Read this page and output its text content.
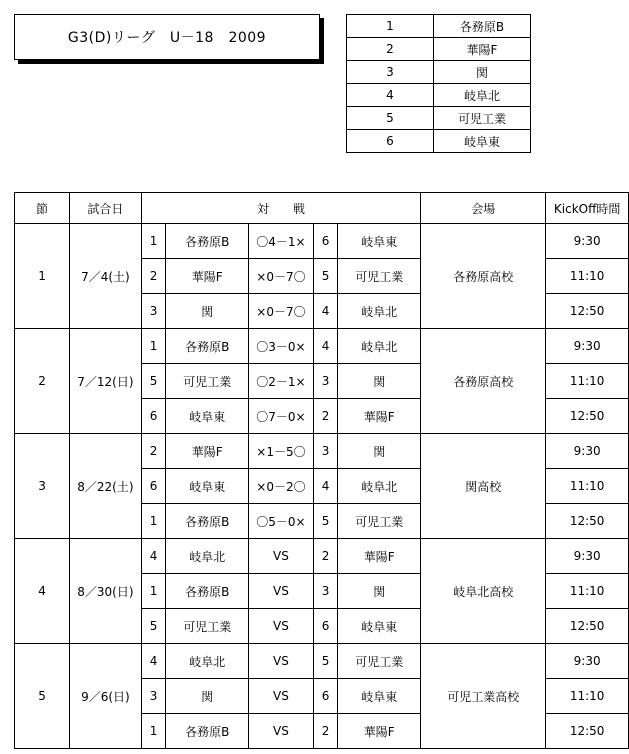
G3(D)リーグ　U－18　2009
1	各務原B
2	華陽F
3	関
4	岐阜北
5	可児工業
6	岐阜東
節	試合日	対　　戦					会場	KickOff時間
1	7／4(土)	1	各務原B	〇4－1×	6	岐阜東	各務原高校	9:30
		2	華陽F	×0－7〇	5	可児工業		11:10
		3	関	×0－7〇	4	岐阜北		12:50
2	7／12(日)	1	各務原B	〇3－0×	4	岐阜北	各務原高校	9:30
		5	可児工業	〇2－1×	3	関		11:10
		6	岐阜東	〇7－0×	2	華陽F		12:50
3	8／22(土)	2	華陽F	×1－5〇	3	関	関高校	9:30
		6	岐阜東	×0－2〇	4	岐阜北		11:10
		1	各務原B	〇5－0×	5	可児工業		12:50
4	8／30(日)	4	岐阜北	VS	2	華陽F	岐阜北高校	9:30
		1	各務原B	VS	3	関		11:10
		5	可児工業	VS	6	岐阜東		12:50
5	9／6(日)	4	岐阜北	VS	5	可児工業	可児工業高校	9:30
		3	関	VS	6	岐阜東		11:10
		1	各務原B	VS	2	華陽F		12:50
